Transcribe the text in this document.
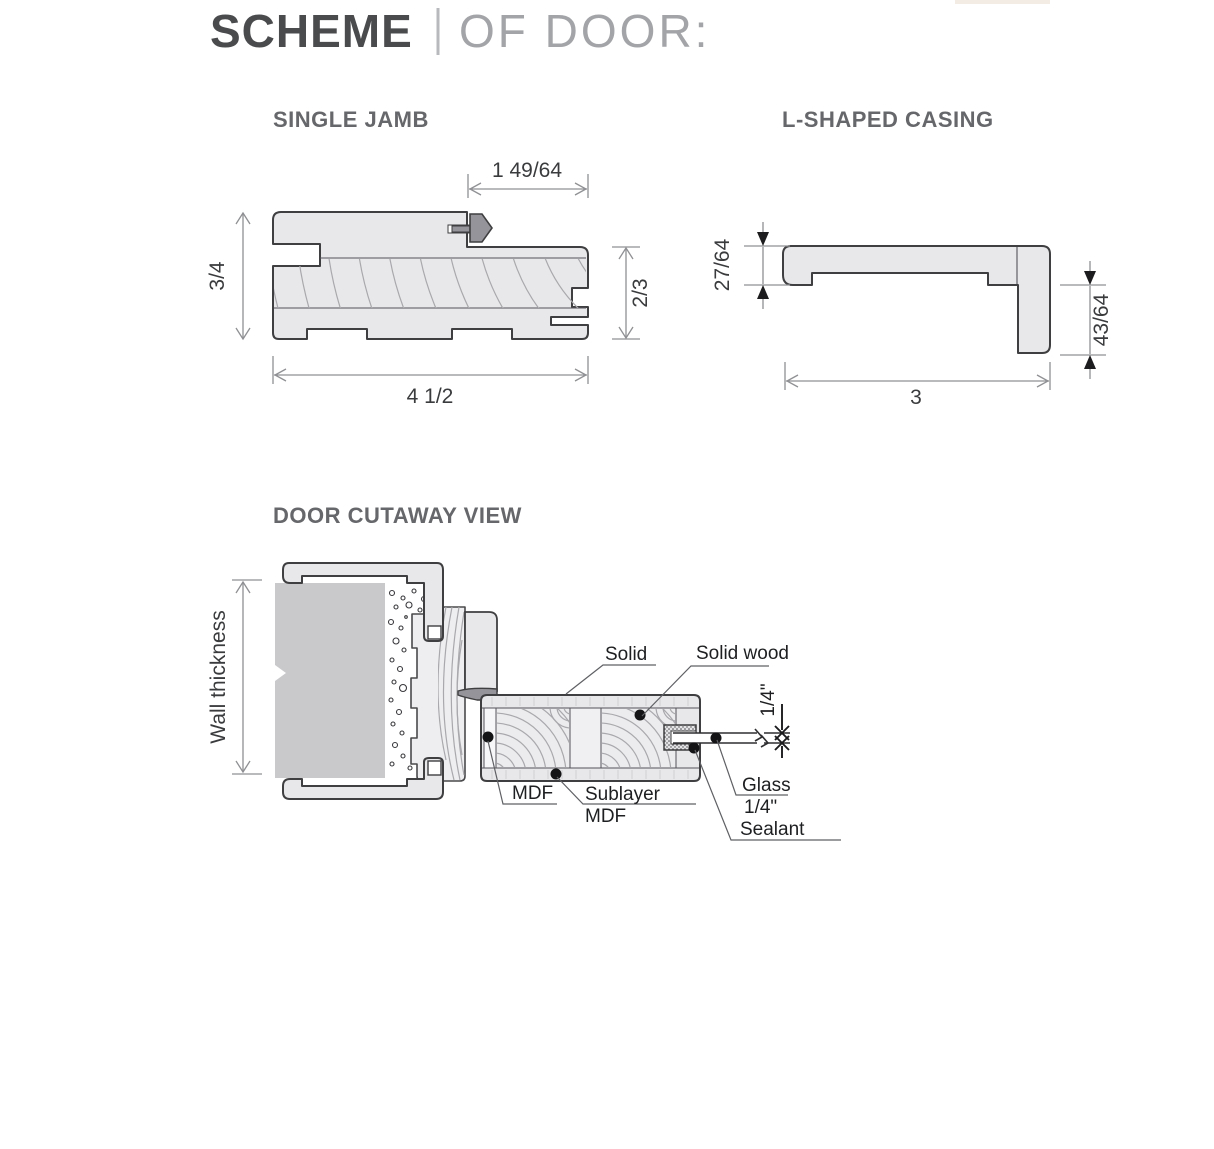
SCHEME OF DOOR:
SINGLE JAMB
3/4
1 49/64
2/3
4 1/2
L-SHAPED CASING
27/64
43/64
3
DOOR CUTAWAY VIEW
1/4"
Wall thickness	Solid	Solid wood
MDF Sublayer
MDF
Glass
1/4"
Sealant
